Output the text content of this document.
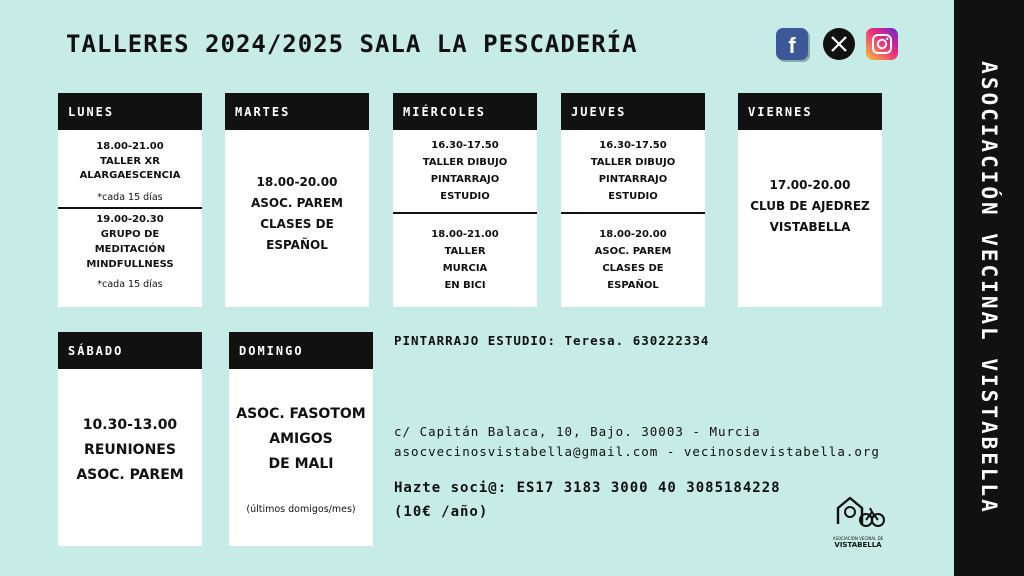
TALLERES 2024/2025 SALA LA PESCADERÍA	f
ASOCIACIÓN VECINAL VISTABELLA
LUNES
18.00-21.00
TALLER XR
ALARGAESCENCIA
*cada 15 días
19.00-20.30
GRUPO DE
MEDITACIÓN
MINDFULLNESS
*cada 15 días
MARTES
18.00-20.00
ASOC. PAREM
CLASES DE
ESPAÑOL
MIÉRCOLES
16.30-17.50
TALLER DIBUJO
PINTARRAJO
ESTUDIO
18.00-21.00
TALLER
MURCIA
EN BICI
JUEVES
16.30-17.50
TALLER DIBUJO
PINTARRAJO
ESTUDIO
18.00-20.00
ASOC. PAREM
CLASES DE
ESPAÑOL
VIERNES
17.00-20.00
CLUB DE AJEDREZ
VISTABELLA
SÁBADO
10.30-13.00
REUNIONES
ASOC. PAREM
DOMINGO
ASOC. FASOTOM
AMIGOS
DE MALI
(últimos domigos/mes)
PINTARRAJO ESTUDIO: Teresa. 630222334
c/ Capitán Balaca, 10, Bajo. 30003 - Murcia
asocvecinosvistabella@gmail.com - vecinosdevistabella.org
Hazte soci@: ES17 3183 3000 40 3085184228
(10€ /año)
ASOCIACIÓN VECINAL DE
VISTABELLA
